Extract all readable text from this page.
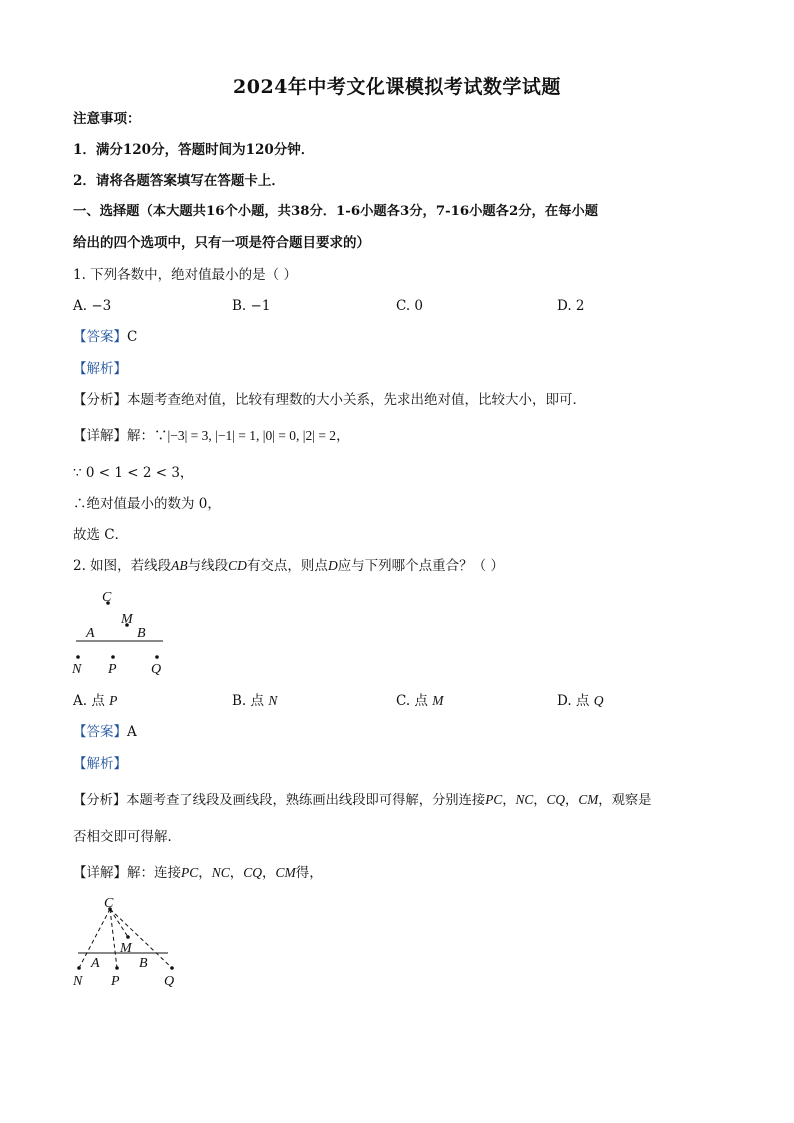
2024年中考文化课模拟考试数学试题
注意事项：
1．满分120分，答题时间为120分钟．
2．请将各题答案填写在答题卡上．
一、选择题（本大题共16个小题，共38分．1-6小题各3分，7-16小题各2分，在每小题
给出的四个选项中，只有一项是符合题目要求的）
1. 下列各数中，绝对值最小的是（ ）
A. −3	B. −1	C. 0	D. 2
【答案】C
【解析】
【分析】本题考查绝对值，比较有理数的大小关系，先求出绝对值，比较大小，即可．
【详解】解：∵|−3| = 3, |−1| = 1, |0| = 0, |2| = 2，
∵ 0 < 1 < 2 < 3，
∴绝对值最小的数为 0，
故选 C．
2. 如图，若线段AB与线段CD有交点，则点D应与下列哪个点重合？（ ）
C
M
A	B
N P Q
A. 点 P	B. 点 N	C. 点 M	D. 点 Q
【答案】A
【解析】
【分析】本题考查了线段及画线段，熟练画出线段即可得解，分别连接PC，NC，CQ，CM，观察是
否相交即可得解．
【详解】解：连接PC，NC，CQ，CM得，
C
M
A	B
N P	Q
